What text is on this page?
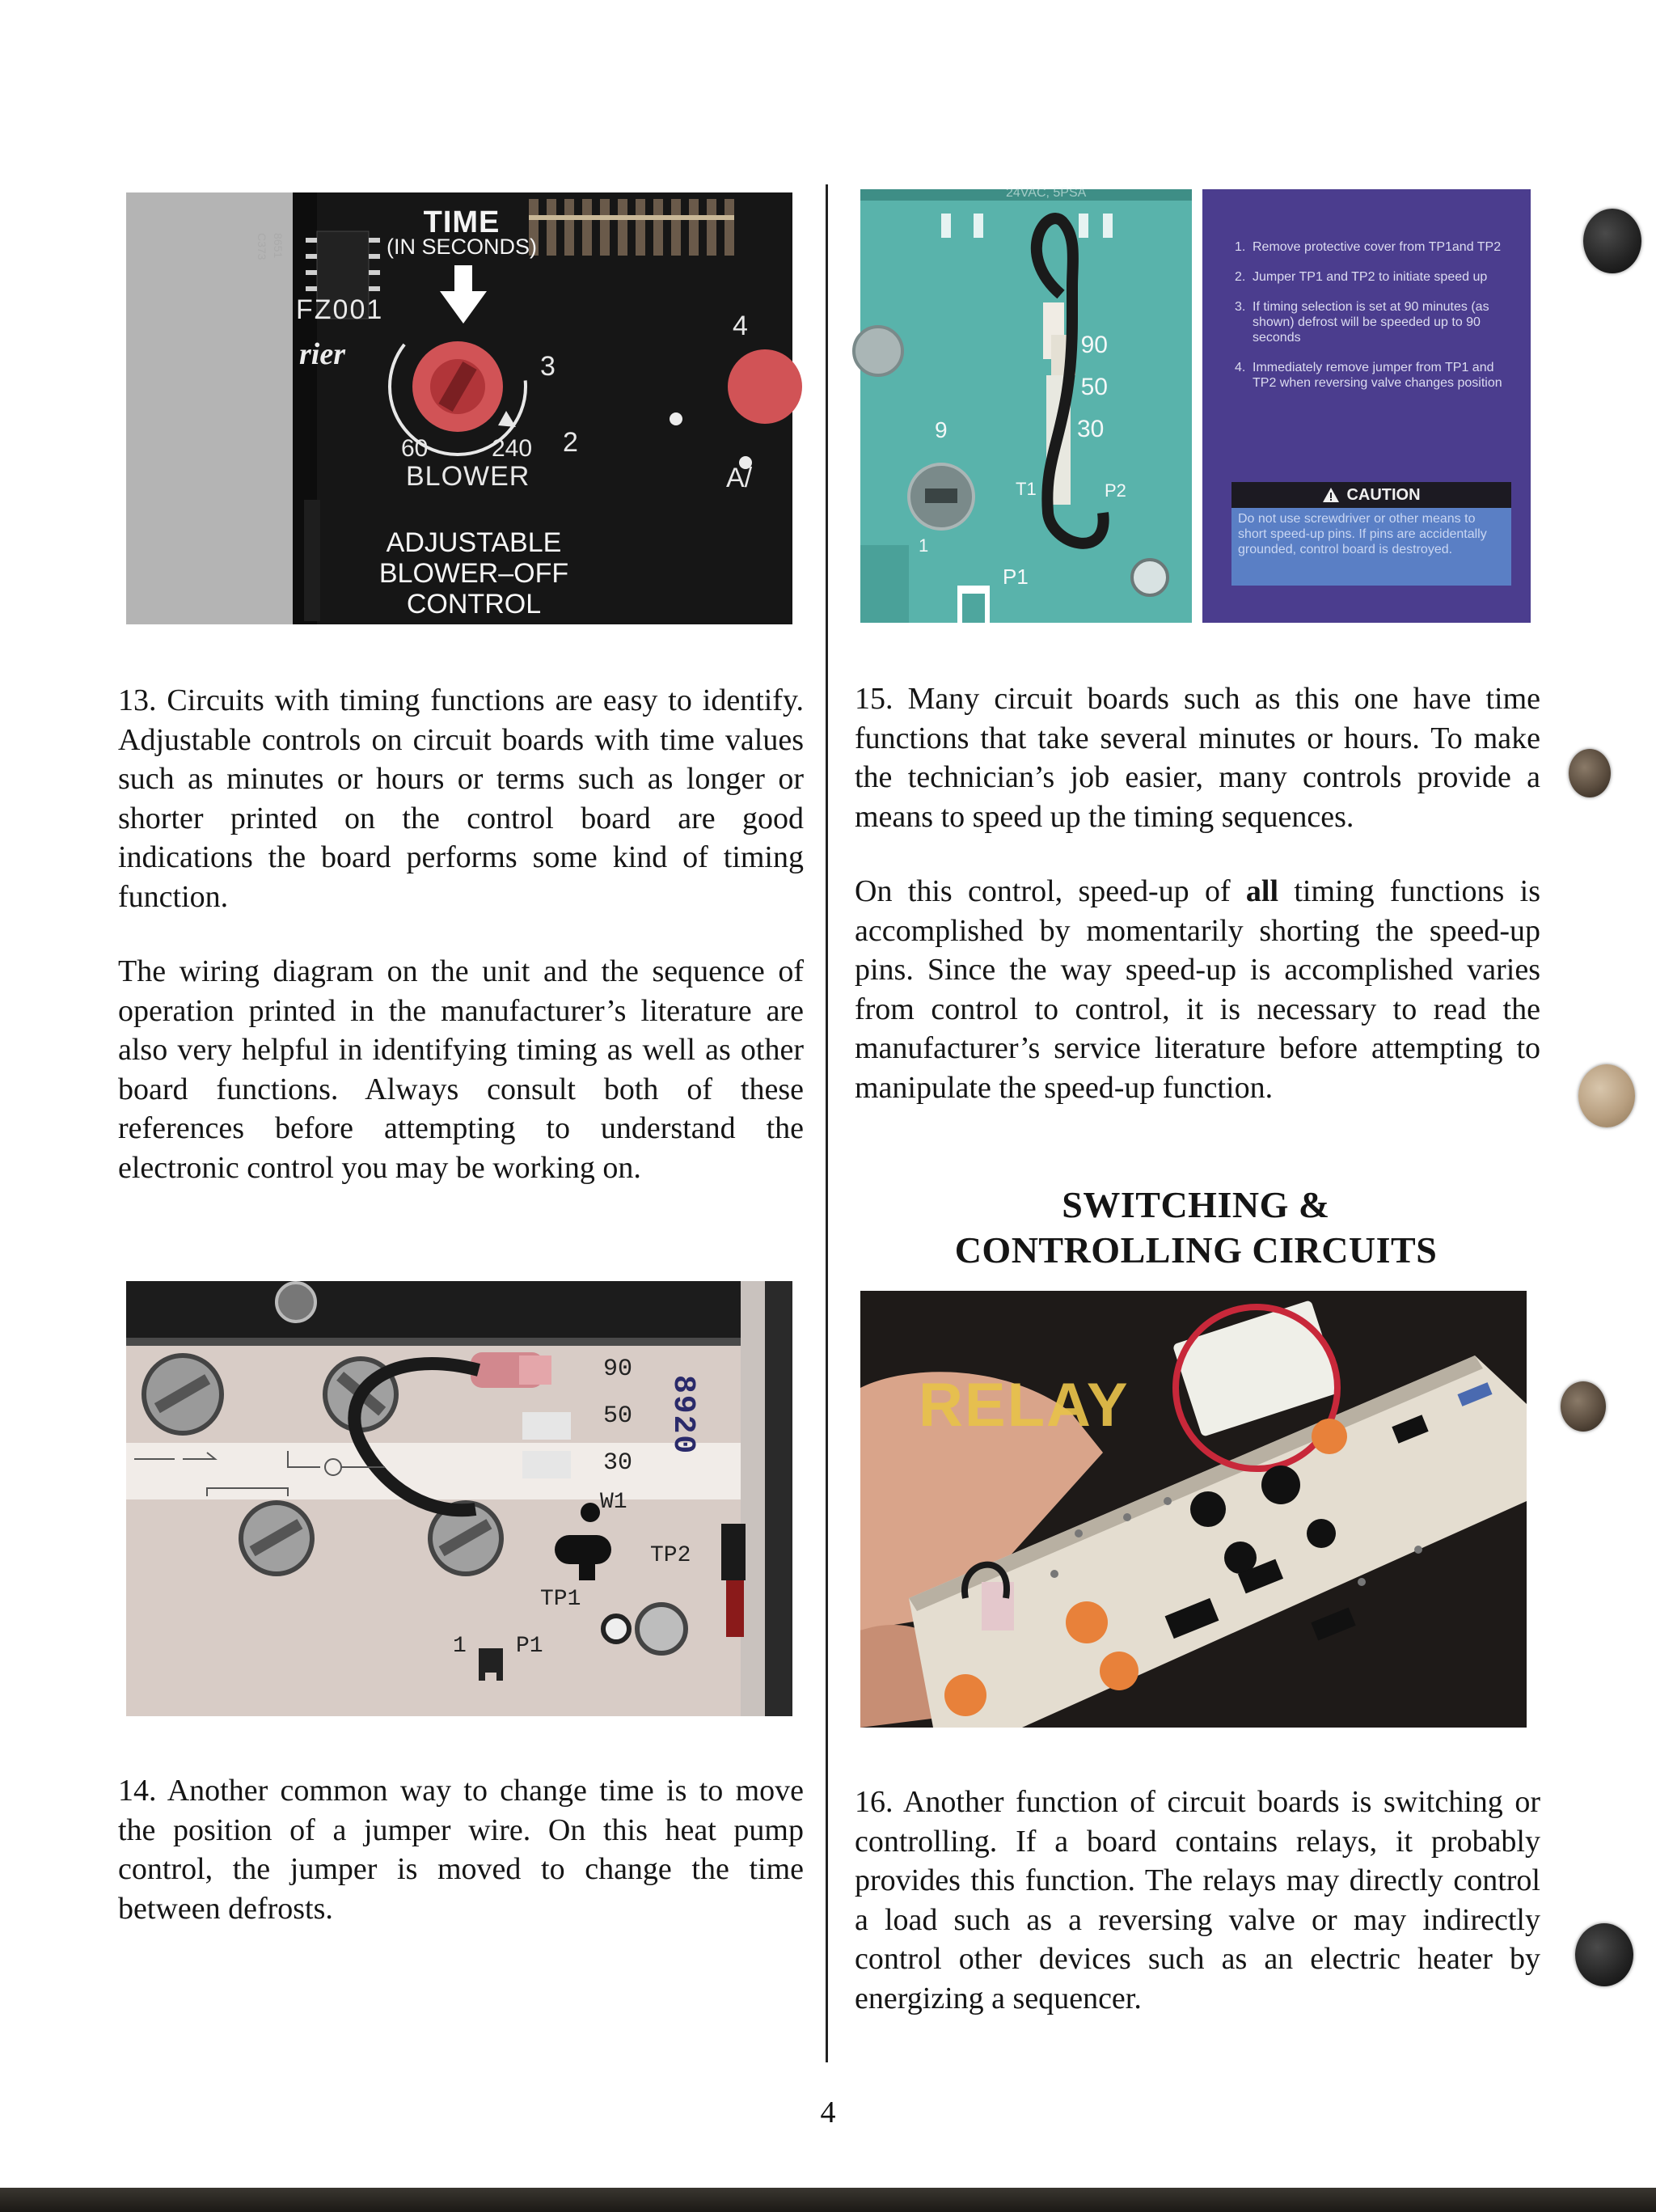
C373 8651
TIME
(IN SECONDS)
FZ001
rier
60	240
3
4
2
BLOWER	A/
ADJUSTABLE
BLOWER–OFF
CONTROL
24VAC, 5PSA
90
50
30
9
1
T1	P2
P1
1. Remove protective cover from TP1and TP2
2. Jumper TP1 and TP2 to initiate speed up
3. If timing selection is set at 90 minutes (as shown) defrost will be speeded up to 90 seconds
4. Immediately remove jumper from TP1 and TP2 when reversing valve changes position
CAUTION
Do not use screwdriver or other means to short speed-up pins. If pins are accidentally grounded, control board is destroyed.

13. Circuits with timing functions are easy to identify. Adjustable controls on circuit boards with time values such as minutes or hours or terms such as longer or shorter printed on the control board are good indications the board performs some kind of timing function.

The wiring diagram on the unit and the sequence of operation printed in the manufacturer’s literature are also very helpful in identifying timing as well as other board functions. Always consult both of these references before attempting to understand the electronic control you may be working on.

15. Many circuit boards such as this one have time functions that take several minutes or hours. To make the technician’s job easier, many controls provide a means to speed up the timing sequences.

On this control, speed-up of all timing functions is accomplished by momentarily shorting the speed-up pins. Since the way speed-up is accomplished varies from control to control, it is necessary to read the manufacturer’s service literature before attempting to manipulate the speed-up function.

SWITCHING &
CONTROLLING CIRCUITS
90
50
30
8920
W1
TP2
TP1
1 P1
RELAY

14. Another common way to change time is to move the position of a jumper wire. On this heat pump control, the jumper is moved to change the time between defrosts.

16. Another function of circuit boards is switching or controlling. If a board contains relays, it probably provides this function. The relays may directly control a load such as a reversing valve or may indirectly control other devices such as an electric heater by energizing a sequencer.

4
